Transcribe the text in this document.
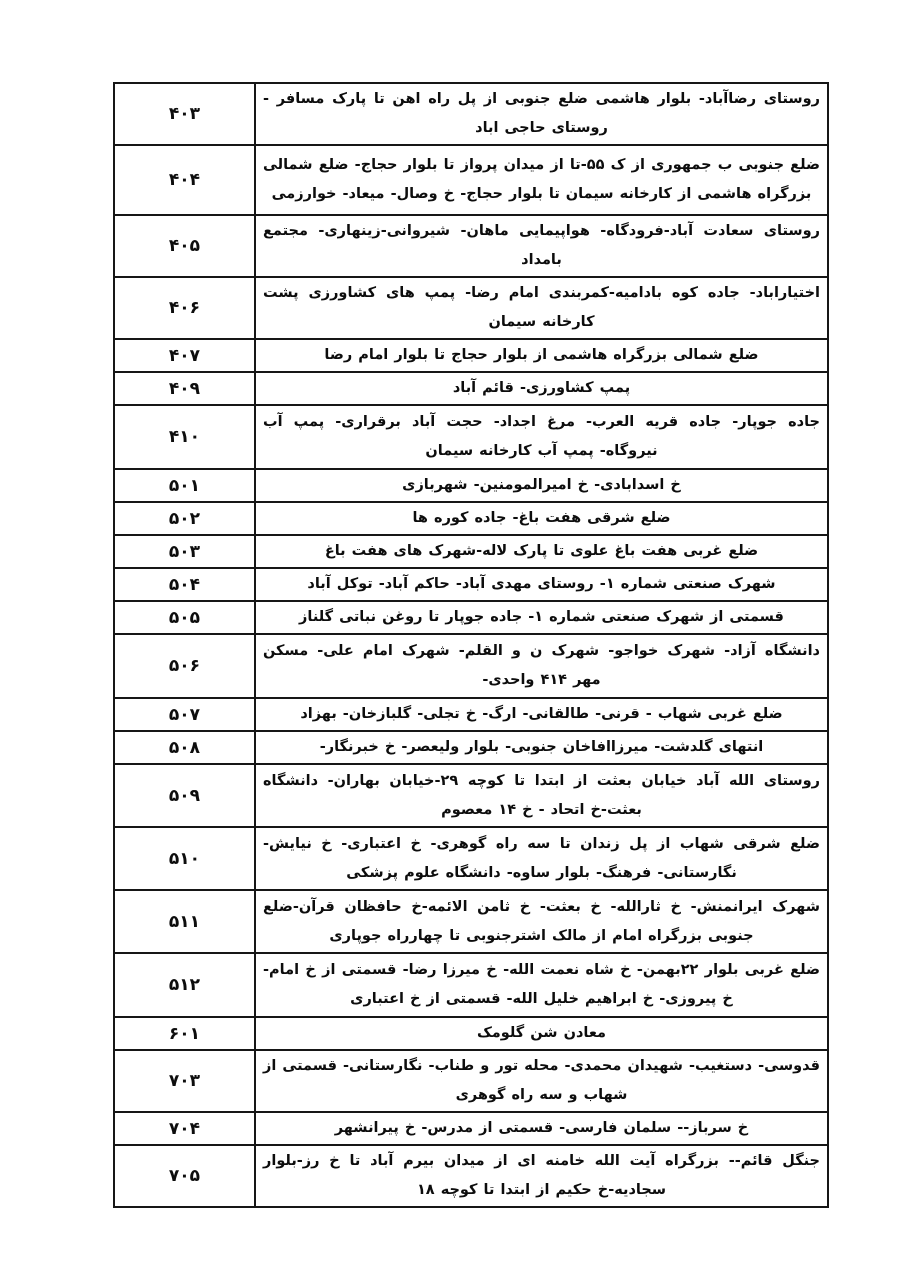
روستای رضاآباد- بلوار هاشمی ضلع جنوبی از پل راه اهن تا پارک مسافر - روستای حاجی اباد	۴۰۳
ضلع جنوبی ب جمهوری از ک ۵۵-تا از میدان پرواز تا بلوار حجاج- ضلع شمالی بزرگراه هاشمی از کارخانه سیمان تا بلوار حجاج- خ وصال- میعاد- خوارزمی	۴۰۴
روستای سعادت آباد-فرودگاه- هواپیمایی ماهان- شیروانی-زینهاری- مجتمع بامداد	۴۰۵
اختیاراباد- جاده کوه بادامیه-کمربندی امام رضا- پمپ های کشاورزی پشت کارخانه سیمان	۴۰۶
ضلع شمالی بزرگراه هاشمی از بلوار حجاج تا بلوار امام رضا	۴۰۷
پمپ کشاورزی- قائم آباد	۴۰۹
جاده جوپار- جاده قریه العرب- مرغ اجداد- حجت آباد برقراری- پمپ آب نیروگاه- پمپ آب کارخانه سیمان	۴۱۰
خ اسدابادی- خ امیرالمومنین- شهربازی	۵۰۱
ضلع شرقی هفت باغ- جاده کوره ها	۵۰۲
ضلع غربی هفت باغ علوی تا پارک لاله-شهرک های هفت باغ	۵۰۳
شهرک صنعتی شماره ۱- روستای مهدی آباد- حاکم آباد- توکل آباد	۵۰۴
قسمتی از شهرک صنعتی شماره ۱- جاده جوپار تا روغن نباتی گلناز	۵۰۵
دانشگاه آزاد- شهرک خواجو- شهرک ن و القلم- شهرک امام علی- مسکن مهر ۴۱۴ واحدی-	۵۰۶
ضلع غربی شهاب - قرنی- طالقانی- ارگ- خ تجلی- گلبازخان- بهزاد	۵۰۷
انتهای گلدشت- میرزاافاخان جنوبی- بلوار ولیعصر- خ خبرنگار-	۵۰۸
روستای الله آباد خیابان بعثت از ابتدا تا کوچه ۲۹-خیابان بهاران- دانشگاه بعثت-خ اتحاد - خ ۱۴ معصوم	۵۰۹
ضلع شرقی شهاب از پل زندان تا سه راه گوهری- خ اعتباری- خ نیایش- نگارستانی- فرهنگ- بلوار ساوه- دانشگاه علوم پزشکی	۵۱۰
شهرک ایرانمنش- خ ثارالله- خ بعثت- خ ثامن الائمه-خ حافظان قرآن-ضلع جنوبی بزرگراه امام از مالک اشترجنوبی تا چهارراه جوپاری	۵۱۱
ضلع غربی بلوار ۲۲بهمن- خ شاه نعمت الله- خ میرزا رضا- قسمتی از خ امام- خ پیروزی- خ ابراهیم خلیل الله- قسمتی از خ اعتباری	۵۱۲
معادن شن گلومک	۶۰۱
قدوسی- دستغیب- شهیدان محمدی- محله تور و طناب- نگارستانی- قسمتی از شهاب و سه راه گوهری	۷۰۳
خ سرباز-- سلمان فارسی- قسمتی از مدرس- خ پیرانشهر	۷۰۴
جنگل قائم-- بزرگراه آیت الله خامنه ای از میدان بیرم آباد تا خ رز-بلوار سجادیه-خ حکیم از ابتدا تا کوچه ۱۸	۷۰۵
